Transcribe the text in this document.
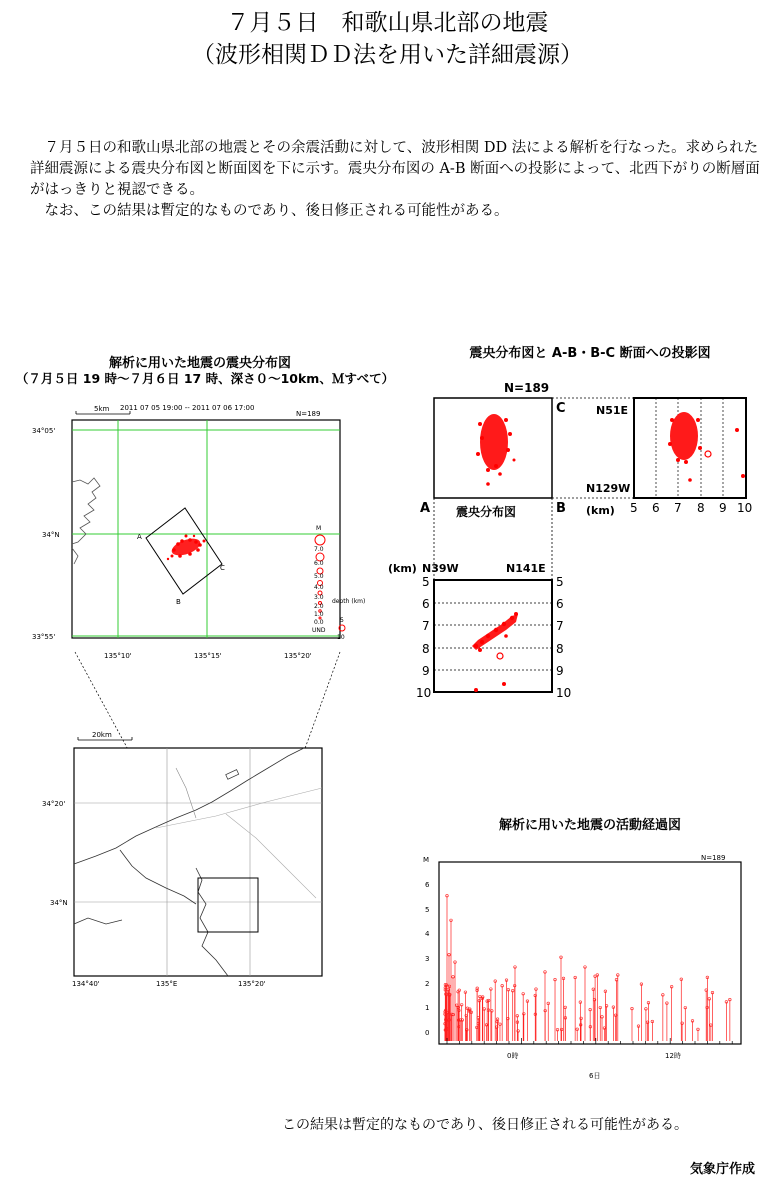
７月５日　和歌山県北部の地震
（波形相関ＤＤ法を用いた詳細震源）

７月５日の和歌山県北部の地震とその余震活動に対して、波形相関 DD 法による解析を行なった。求められた詳細震源による震央分布図と断面図を下に示す。震央分布図の A-B 断面への投影によって、北西下がりの断層面がはっきりと視認できる。

なお、この結果は暫定的なものであり、後日修正される可能性がある。

解析に用いた地震の震央分布図
（７月５日 19 時～７月６日 17 時、深さ０～10km、Ｍすべて）
5km 2011 07 05 19:00 -- 2011 07 06 17:00
N=189
34°05'
34°N
33°55'
135°10'	135°15'	135°20'
A
B
C
M
7.0
6.0
5.0
4.0
3.0
2.0
1.0
0.0
UND
depth (km)
5
10
20km
34°20'
34°N
134°40'	135°E	135°20'
震央分布図と A-B・B-C 断面への投影図
N=189
C
A	B
震央分布図
N51E
N129W
(km) 5 6 7 8 9 10
(km) N39W	N141E
5
6
7
8
9
10
5
6
7
8
9
10
解析に用いた地震の活動経過図
M	N=189
6
5
4
3
2
1
0
0時	12時
6日
この結果は暫定的なものであり、後日修正される可能性がある。
気象庁作成
